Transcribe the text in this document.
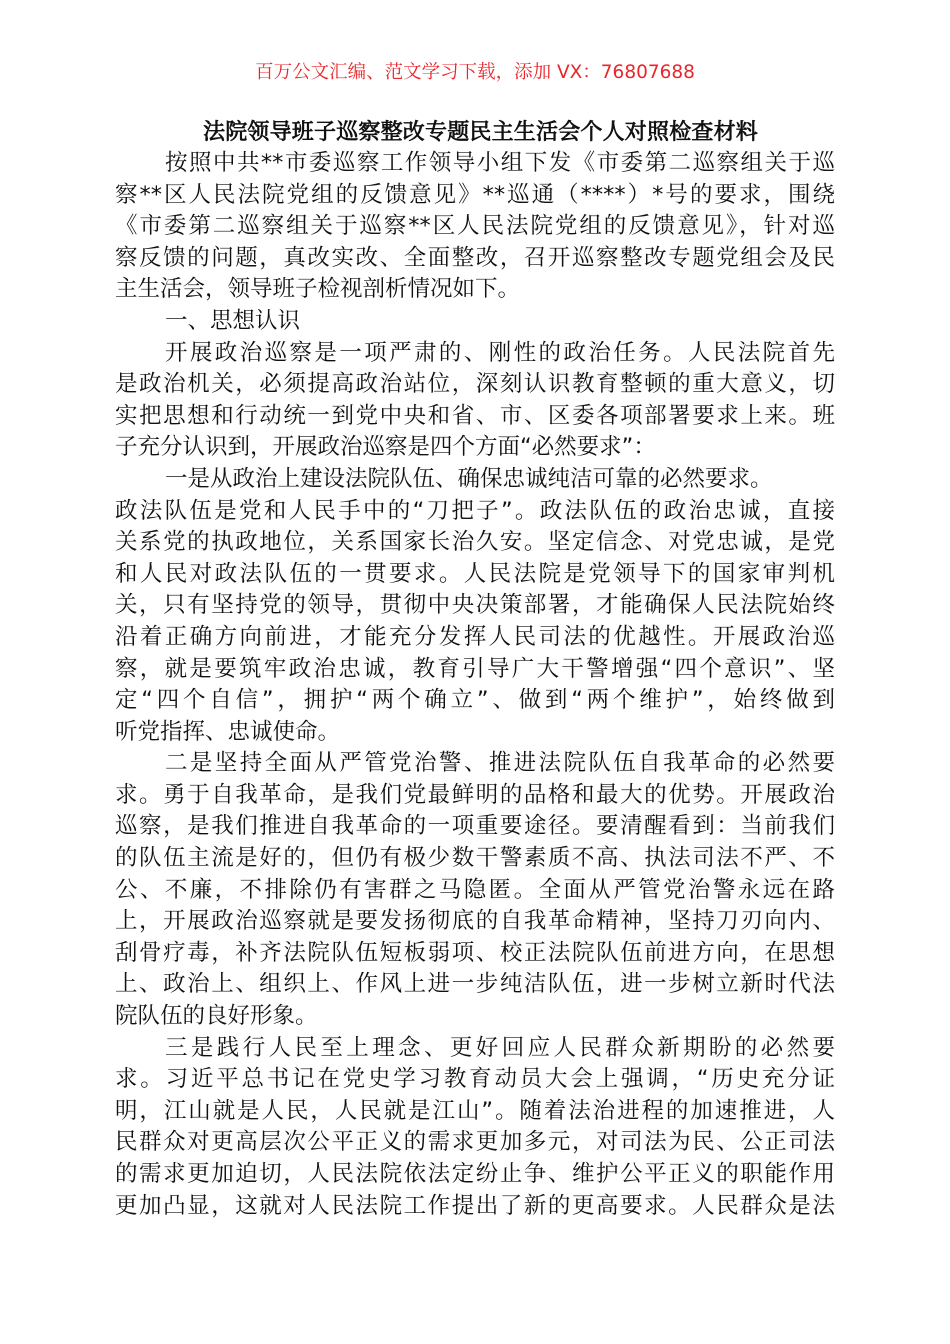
百万公文汇编、范文学习下载，添加 VX：76807688
法院领导班子巡察整改专题民主生活会个人对照检查材料
按照中共**市委巡察工作领导小组下发《市委第二巡察组关于巡
察**区人民法院党组的反馈意见》**巡通（****）*号的要求，围绕
《市委第二巡察组关于巡察**区人民法院党组的反馈意见》，针对巡
察反馈的问题，真改实改、全面整改，召开巡察整改专题党组会及民
主生活会，领导班子检视剖析情况如下。
一、思想认识
开展政治巡察是一项严肃的、刚性的政治任务。人民法院首先
是政治机关，必须提高政治站位，深刻认识教育整顿的重大意义，切
实把思想和行动统一到党中央和省、市、区委各项部署要求上来。班
子充分认识到，开展政治巡察是四个方面“必然要求”：
一是从政治上建设法院队伍、确保忠诚纯洁可靠的必然要求。
政法队伍是党和人民手中的“刀把子”。政法队伍的政治忠诚，直接
关系党的执政地位，关系国家长治久安。坚定信念、对党忠诚，是党
和人民对政法队伍的一贯要求。人民法院是党领导下的国家审判机
关，只有坚持党的领导，贯彻中央决策部署，才能确保人民法院始终
沿着正确方向前进，才能充分发挥人民司法的优越性。开展政治巡
察，就是要筑牢政治忠诚，教育引导广大干警增强“四个意识”、坚
定“四个自信”，拥护“两个确立”、做到“两个维护”，始终做到
听党指挥、忠诚使命。
二是坚持全面从严管党治警、推进法院队伍自我革命的必然要
求。勇于自我革命，是我们党最鲜明的品格和最大的优势。开展政治
巡察，是我们推进自我革命的一项重要途径。要清醒看到：当前我们
的队伍主流是好的，但仍有极少数干警素质不高、执法司法不严、不
公、不廉，不排除仍有害群之马隐匿。全面从严管党治警永远在路
上，开展政治巡察就是要发扬彻底的自我革命精神，坚持刀刃向内、
刮骨疗毒，补齐法院队伍短板弱项、校正法院队伍前进方向，在思想
上、政治上、组织上、作风上进一步纯洁队伍，进一步树立新时代法
院队伍的良好形象。
三是践行人民至上理念、更好回应人民群众新期盼的必然要
求。习近平总书记在党史学习教育动员大会上强调，“历史充分证
明，江山就是人民，人民就是江山”。随着法治进程的加速推进，人
民群众对更高层次公平正义的需求更加多元，对司法为民、公正司法
的需求更加迫切，人民法院依法定纷止争、维护公平正义的职能作用
更加凸显，这就对人民法院工作提出了新的更高要求。人民群众是法
